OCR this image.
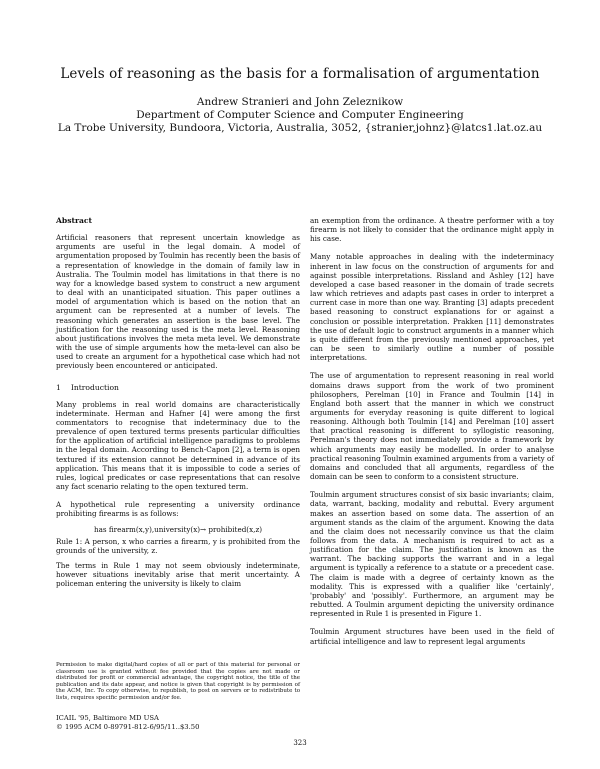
Levels of reasoning as the basis for a formalisation of argumentation
Andrew Stranieri and John Zeleznikow
Department of Computer Science and Computer Engineering
La Trobe University, Bundoora, Victoria, Australia, 3052, {stranier,johnz}@latcs1.lat.oz.au
Abstract

Artificial reasoners that represent uncertain knowledge as arguments are useful in the legal domain. A model of argumentation proposed by Toulmin has recently been the basis of a representation of knowledge in the domain of family law in Australia. The Toulmin model has limitations in that there is no way for a knowledge based system to construct a new argument to deal with an unanticipated situation. This paper outlines a model of argumentation which is based on the notion that an argument can be represented at a number of levels. The reasoning which generates an assertion is the base level. The justification for the reasoning used is the meta level. Reasoning about justifications involves the meta meta level. We demonstrate with the use of simple arguments how the meta-level can also be used to create an argument for a hypothetical case which had not previously been encountered or anticipated.

1 Introduction

Many problems in real world domains are characteristically indeterminate. Herman and Hafner [4] were among the first commentators to recognise that indeterminacy due to the prevalence of open textured terms presents particular difficulties for the application of artificial intelligence paradigms to problems in the legal domain. According to Bench-Capon [2], a term is open textured if its extension cannot be determined in advance of its application. This means that it is impossible to code a series of rules, logical predicates or case representations that can resolve any fact scenario relating to the open textured term.

A hypothetical rule representing a university ordinance prohibiting firearms is as follows:

has firearm(x,y),university(x)→ prohibited(x,z)
Rule 1: A person, x who carries a firearm, y is prohibited from the grounds of the university, z.

The terms in Rule 1 may not seem obviously indeterminate, however situations inevitably arise that merit uncertainty. A policeman entering the university is likely to claim

Permission to make digital/hard copies of all or part of this material for personal or classroom use is granted without fee provided that the copies are not made or distributed for profit or commercial advantage, the copyright notice, the title of the publication and its date appear, and notice is given that copyright is by permission of the ACM, Inc. To copy otherwise, to republish, to post on servers or to redistribute to lists, requires specific permission and/or fee.
ICAIL '95, Baltimore MD USA
© 1995 ACM 0-89791-812-6/95/11..$3.50

an exemption from the ordinance. A theatre performer with a toy firearm is not likely to consider that the ordinance might apply in his case.

Many notable approaches in dealing with the indeterminacy inherent in law focus on the construction of arguments for and against possible interpretations. Rissland and Ashley [12] have developed a case based reasoner in the domain of trade secrets law which retrieves and adapts past cases in order to interpret a current case in more than one way. Branting [3] adapts precedent based reasoning to construct explanations for or against a conclusion or possible interpretation. Prakken [11] demonstrates the use of default logic to construct arguments in a manner which is quite different from the previously mentioned approaches, yet can be seen to similarly outline a number of possible interpretations.

The use of argumentation to represent reasoning in real world domains draws support from the work of two prominent philosophers, Perelman [10] in France and Toulmin [14] in England both assert that the manner in which we construct arguments for everyday reasoning is quite different to logical reasoning. Although both Toulmin [14] and Perelman [10] assert that practical reasoning is different to syllogistic reasoning, Perelman's theory does not immediately provide a framework by which arguments may easily be modelled. In order to analyse practical reasoning Toulmin examined arguments from a variety of domains and concluded that all arguments, regardless of the domain can be seen to conform to a consistent structure.

Toulmin argument structures consist of six basic invariants; claim, data, warrant, backing, modality and rebuttal. Every argument makes an assertion based on some data. The assertion of an argument stands as the claim of the argument. Knowing the data and the claim does not necessarily convince us that the claim follows from the data. A mechanism is required to act as a justification for the claim. The justification is known as the warrant. The backing supports the warrant and in a legal argument is typically a reference to a statute or a precedent case. The claim is made with a degree of certainty known as the modality. This is expressed with a qualifier like 'certainly', 'probably' and 'possibly'. Furthermore, an argument may be rebutted. A Toulmin argument depicting the university ordinance represented in Rule 1 is presented in Figure 1.

Toulmin Argument structures have been used in the field of artificial intelligence and law to represent legal arguments

323
